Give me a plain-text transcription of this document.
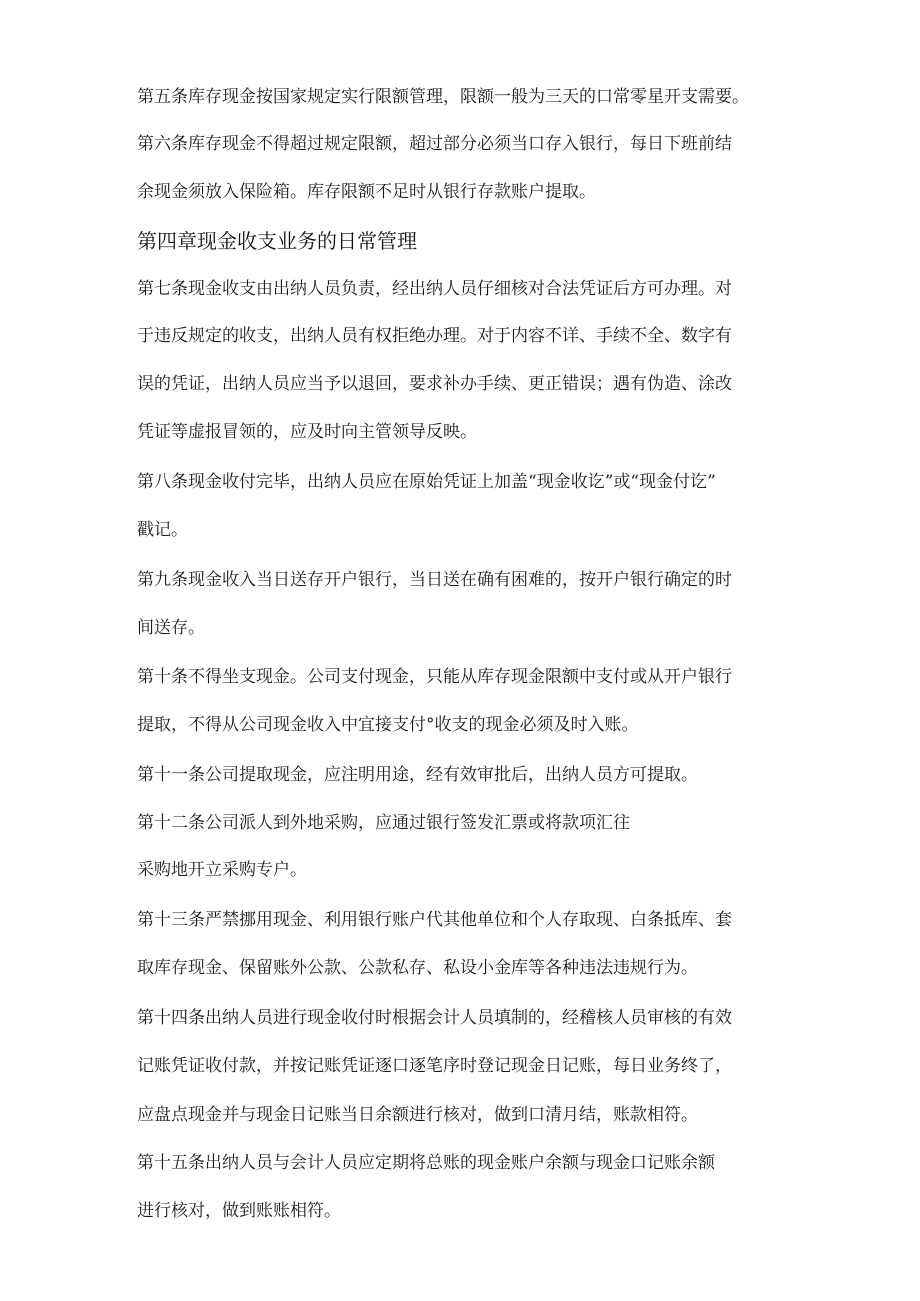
第五条库存现金按国家规定实行限额管理，限额一般为三天的口常零星开支需要。
第六条库存现金不得超过规定限额，超过部分必须当口存入银行，每日下班前结
余现金须放入保险箱。库存限额不足时从银行存款账户提取。
第四章现金收支业务的日常管理
第七条现金收支由出纳人员负责，经出纳人员仔细核对合法凭证后方可办理。对
于违反规定的收支，出纳人员有权拒绝办理。对于内容不详、手续不全、数字有
误的凭证，出纳人员应当予以退回，要求补办手续、更正错误；遇有伪造、涂改
凭证等虚报冒领的，应及时向主管领导反映。
第八条现金收付完毕，出纳人员应在原始凭证上加盖“现金收讫”或“现金付讫”
戳记。
第九条现金收入当日送存开户银行，当日送在确有困难的，按开户银行确定的时
间送存。
第十条不得坐支现金。公司支付现金，只能从库存现金限额中支付或从开户银行
提取，不得从公司现金收入中宜接支付°收支的现金必须及时入账。
第十一条公司提取现金，应注明用途，经有效审批后，出纳人员方可提取。
第十二条公司派人到外地采购，应通过银行签发汇票或将款项汇往
采购地开立采购专户。
第十三条严禁挪用现金、利用银行账户代其他单位和个人存取现、白条抵库、套
取库存现金、保留账外公款、公款私存、私设小金库等各种违法违规行为。
第十四条出纳人员进行现金收付时根据会计人员填制的，经稽核人员审核的有效
记账凭证收付款，并按记账凭证逐口逐笔序时登记现金日记账，每日业务终了，
应盘点现金并与现金日记账当日余额进行核对，做到口清月结，账款相符。
第十五条出纳人员与会计人员应定期将总账的现金账户余额与现金口记账余额
进行核对，做到账账相符。
